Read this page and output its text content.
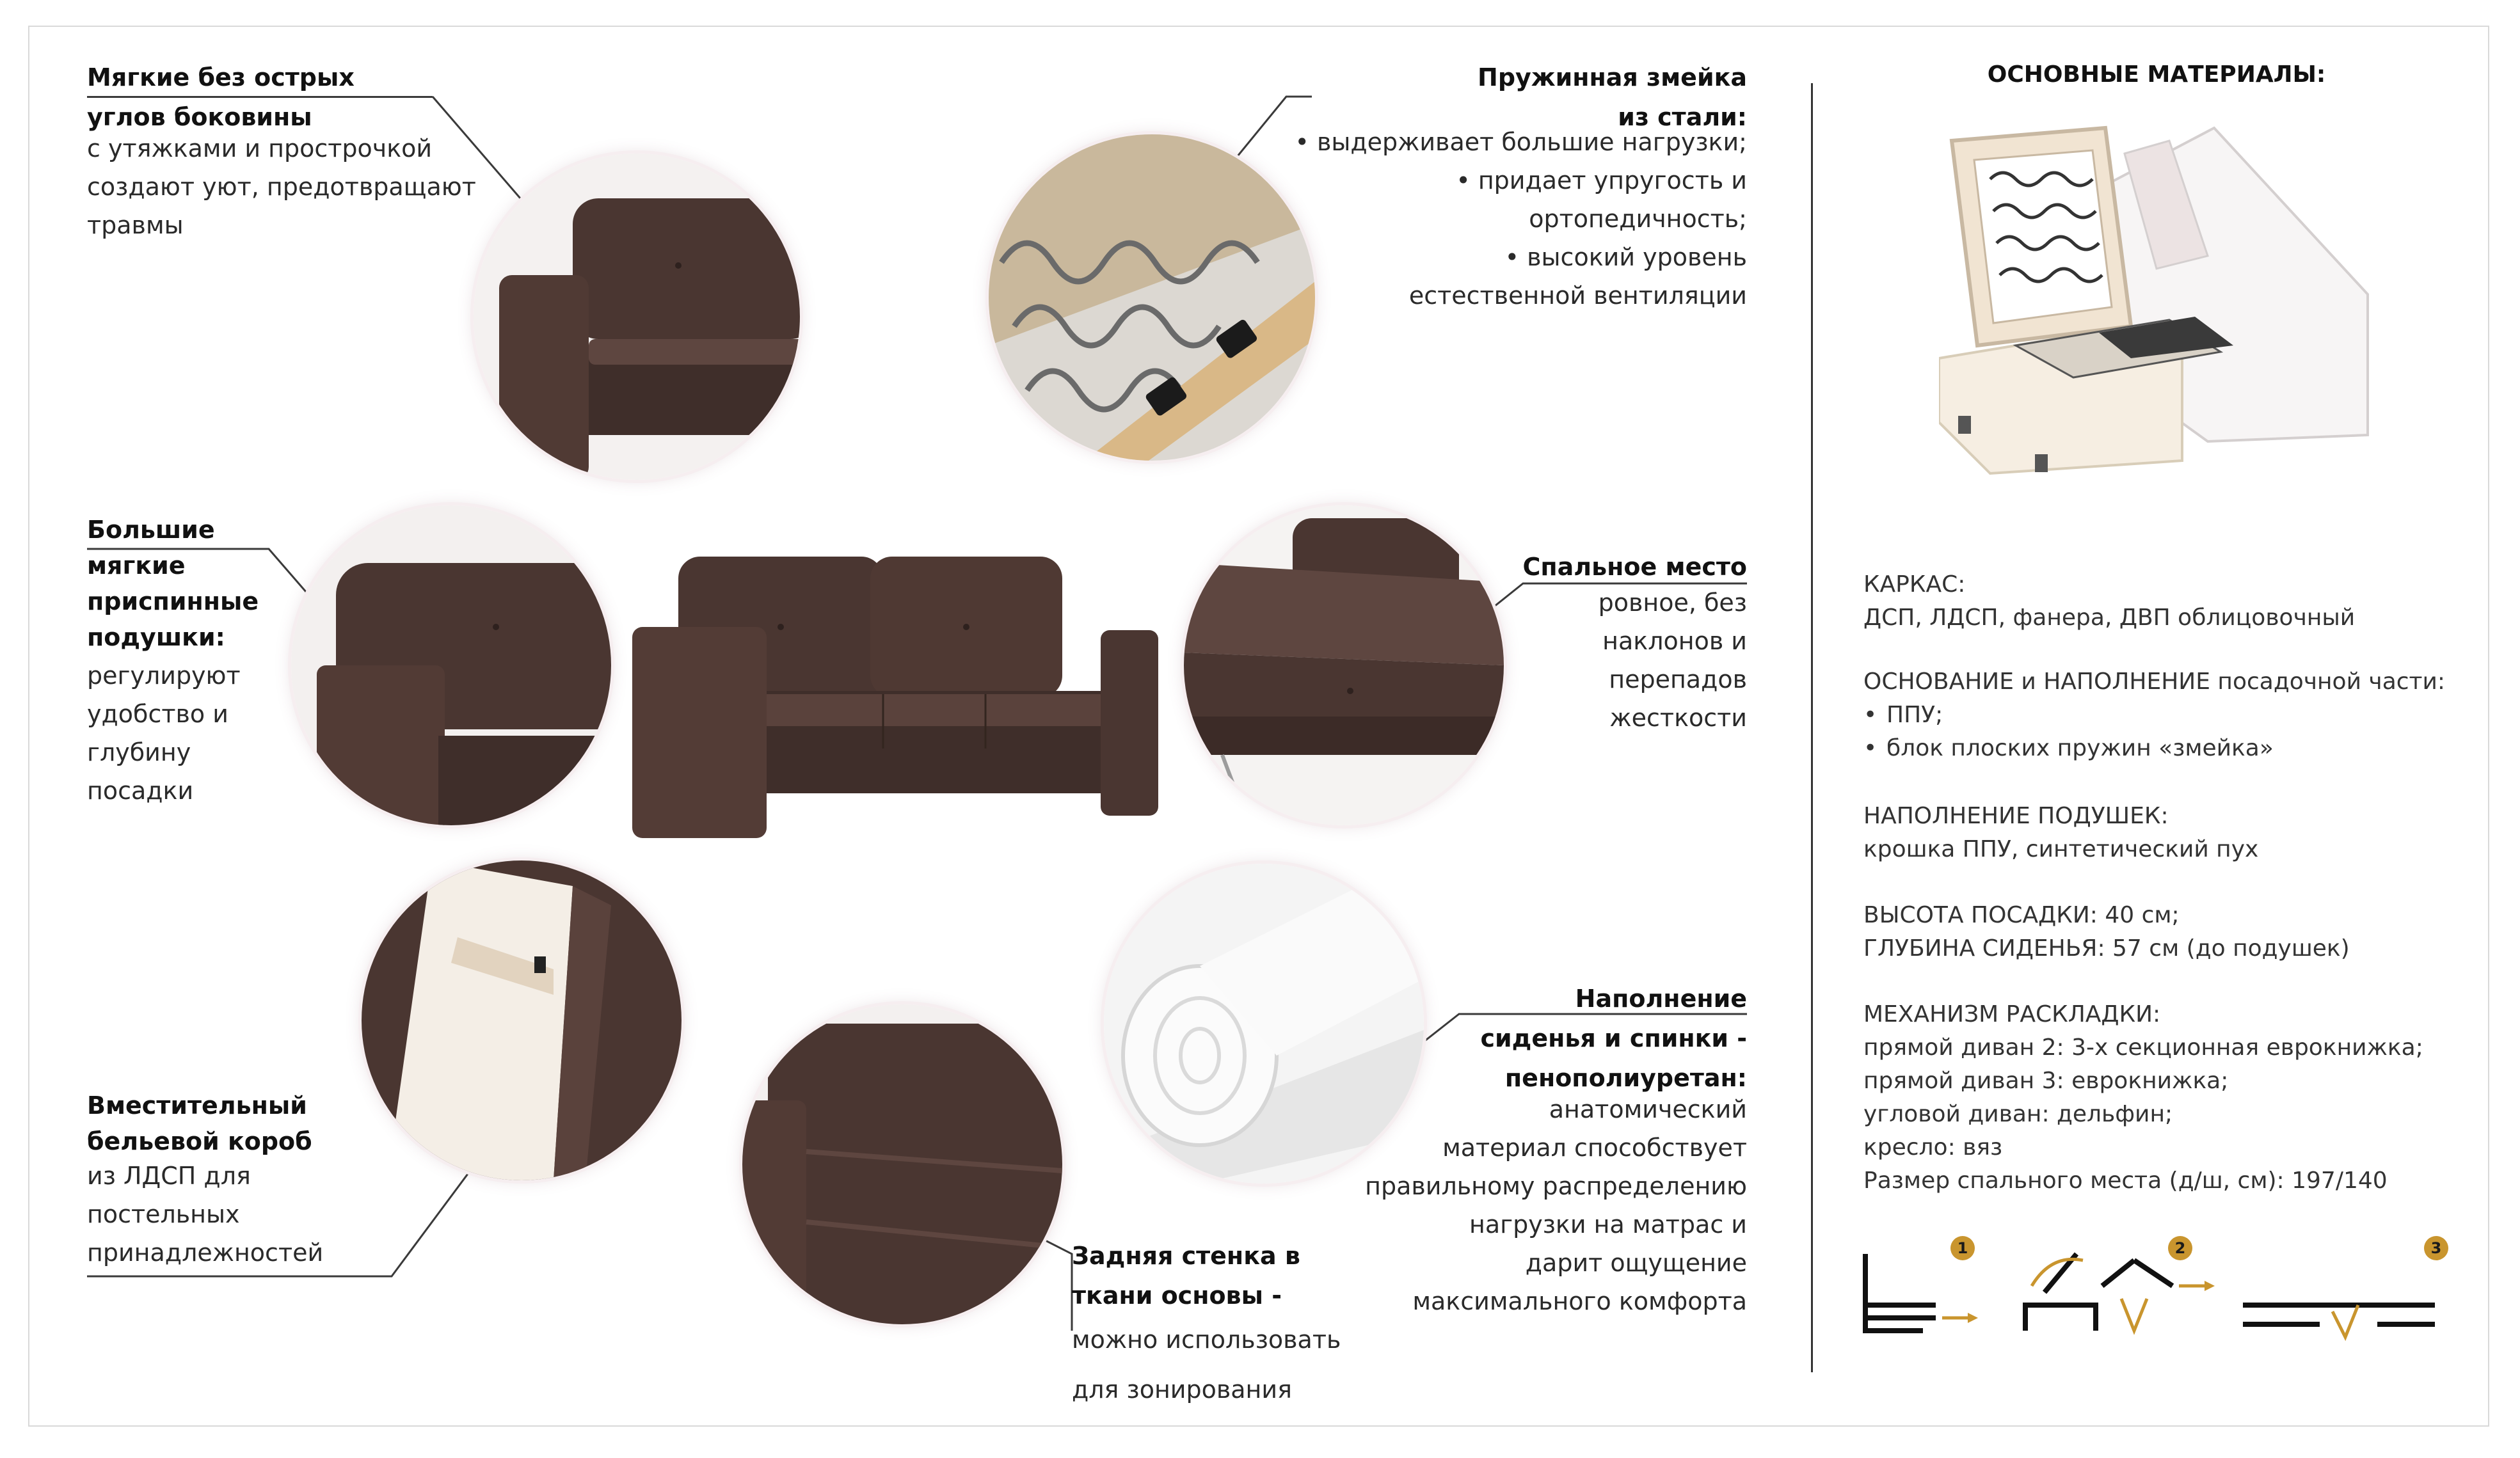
Мягкие без острых
углов боковины
с утяжками и прострочкой
создают уют, предотвращают
травмы
Пружинная змейка
из стали:
• выдерживает большие нагрузки;
• придает упругость и
ортопедичность;
• высокий уровень
естественной вентиляции
Большие
мягкие
приспинные
подушки:
регулируют
удобство и
глубину
посадки
Спальное место
ровное, без
наклонов и
перепадов
жесткости
Вместительный
бельевой короб
из ЛДСП для
постельных
принадлежностей	Задняя стенка в
ткани основы -
можно использовать
для зонирования
Наполнение
сиденья и спинки -
пенополиуретан:
анатомический
материал способствует
правильному распределению
нагрузки на матрас и
дарит ощущение
максимального комфорта
ОСНОВНЫЕ МАТЕРИАЛЫ:
КАРКАС:
ДСП, ЛДСП, фанера, ДВП облицовочный
ОСНОВАНИЕ и НАПОЛНЕНИЕ посадочной части:
• ППУ;
• блок плоских пружин «змейка»
НАПОЛНЕНИЕ ПОДУШЕК:
крошка ППУ, синтетический пух
ВЫСОТА ПОСАДКИ: 40 см;
ГЛУБИНА СИДЕНЬЯ: 57 см (до подушек)
МЕХАНИЗМ РАСКЛАДКИ:
прямой диван 2: 3-х секционная еврокнижка;
прямой диван 3: еврокнижка;
угловой диван: дельфин;
кресло: вяз
Размер спального места (д/ш, см): 197/140
1	2	3
